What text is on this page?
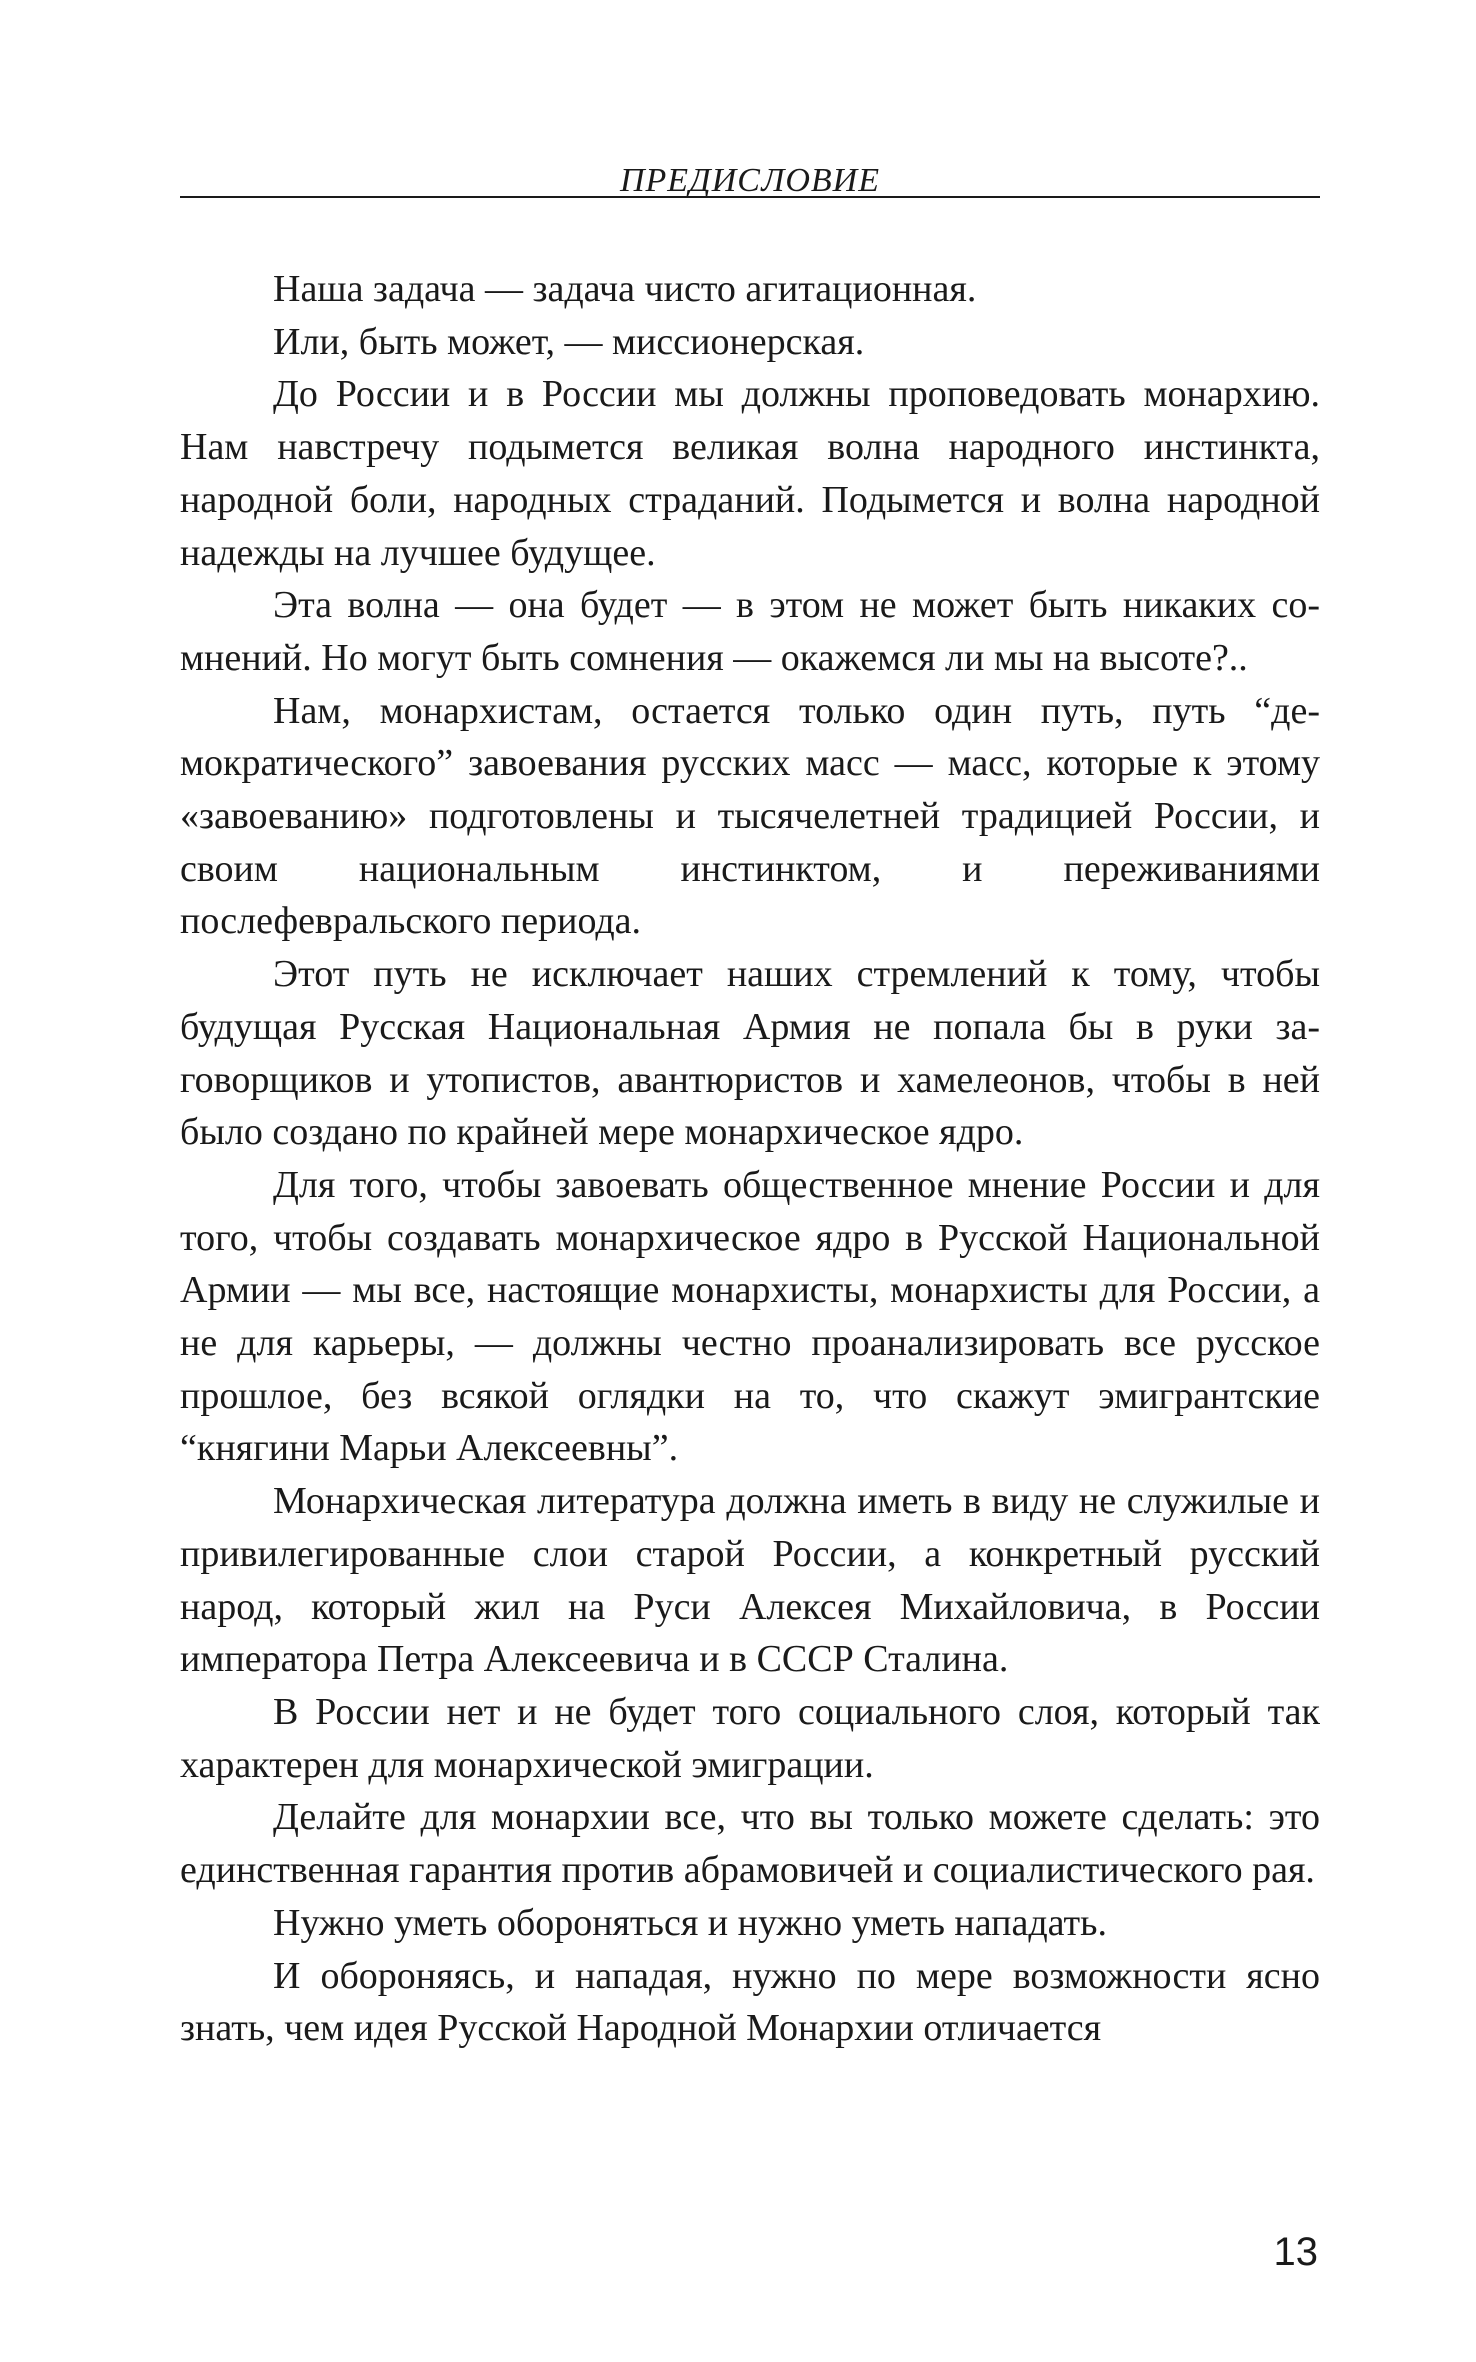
ПРЕДИСЛОВИЕ

Наша задача — задача чисто агитационная.

Или, быть может, — миссионерская.

До России и в России мы должны проповедовать монархию. Нам навстречу подымется великая волна народного инстинкта, народной боли, народных страданий. Подымется и волна народной надежды на лучшее будущее.

Эта волна — она будет — в этом не может быть никаких сомнений. Но могут быть сомнения — окажемся ли мы на высоте?..

Нам, монархистам, остается только один путь, путь “демократического” завоевания русских масс — масс, которые к этому «завоеванию» подготовлены и тысячелетней традицией России, и своим национальным инстинктом, и переживаниями послефевральского периода.

Этот путь не исключает наших стремлений к тому, чтобы будущая Русская Национальная Армия не попала бы в руки заговорщиков и утопистов, авантюристов и хамелеонов, чтобы в ней было создано по крайней мере монархическое ядро.

Для того, чтобы завоевать общественное мнение России и для того, чтобы создавать монархическое ядро в Русской Национальной Армии — мы все, настоящие монархисты, монархисты для России, а не для карьеры, — должны честно проанализировать все русское прошлое, без всякой оглядки на то, что скажут эмигрантские “княгини Марьи Алексеевны”.

Монархическая литература должна иметь в виду не служилые и привилегированные слои старой России, а конкретный русский народ, который жил на Руси Алексея Михайловича, в России императора Петра Алексеевича и в СССР Сталина.

В России нет и не будет того социального слоя, который так характерен для монархической эмиграции.

Делайте для монархии все, что вы только можете сделать: это единственная гарантия против абрамовичей и социалистического рая.

Нужно уметь обороняться и нужно уметь нападать.

И обороняясь, и нападая, нужно по мере возможности ясно знать, чем идея Русской Народной Монархии отличается

13
